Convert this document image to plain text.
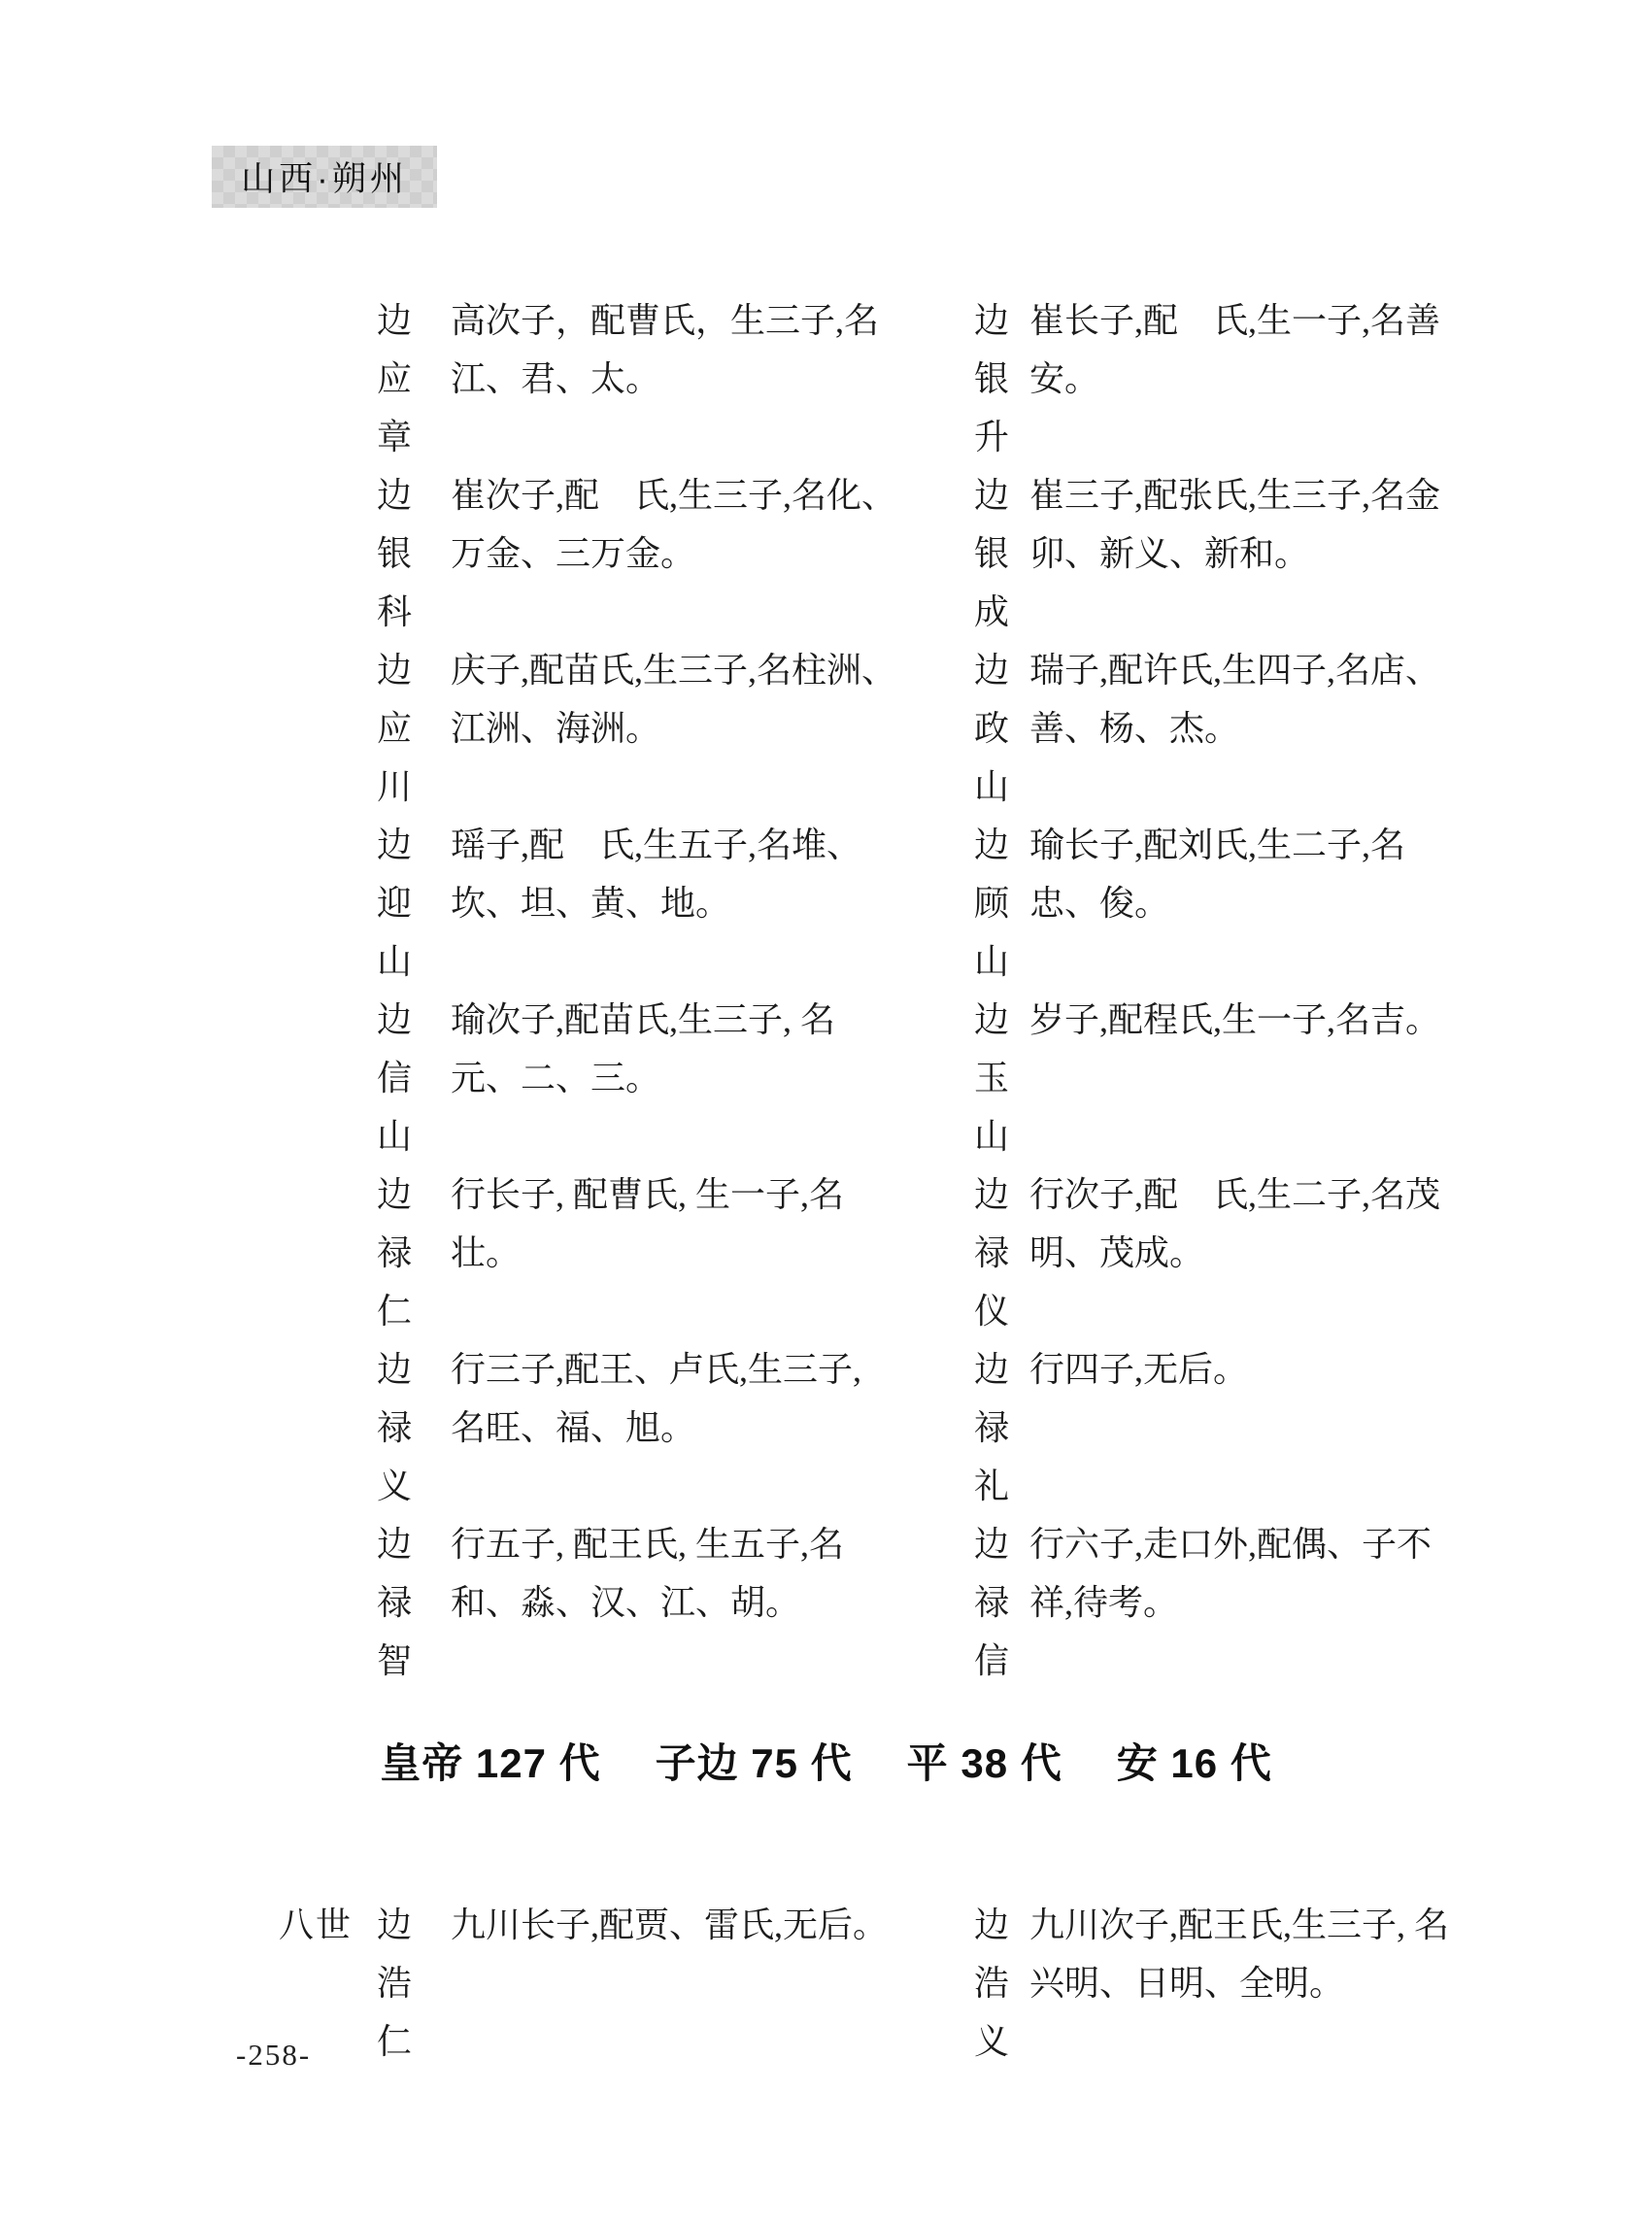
山西·朔州
边应章
高次子，配曹氏，生三子,名江、君、太。
边银升
崔长子,配　氏,生一子,名善安。
边银科
崔次子,配　氏,生三子,名化、万金、三万金。
边银成
崔三子,配张氏,生三子,名金卯、新义、新和。
边应川
庆子,配苗氏,生三子,名柱洲、江洲、海洲。
边政山
瑞子,配许氏,生四子,名店、善、杨、杰。
边迎山
瑶子,配　氏,生五子,名堆、坎、坦、黄、地。
边顾山
瑜长子,配刘氏,生二子,名忠、俊。
边信山
瑜次子,配苗氏,生三子, 名元、二、三。
边玉山
岁子,配程氏,生一子,名吉。
边禄仁
行长子, 配曹氏, 生一子,名壮。
边禄仪
行次子,配　氏,生二子,名茂明、茂成。
边禄义
行三子,配王、卢氏,生三子, 名旺、福、旭。
边禄礼
行四子,无后。
边禄智
行五子, 配王氏, 生五子,名和、淼、汉、江、胡。
边禄信
行六子,走口外,配偶、子不祥,待考。
皇帝 127 代 子边 75 代 平 38 代 安 16 代
八世 边浩仁
九川长子,配贾、雷氏,无后。 边浩义
九川次子,配王氏,生三子, 名兴明、日明、全明。
-258-
